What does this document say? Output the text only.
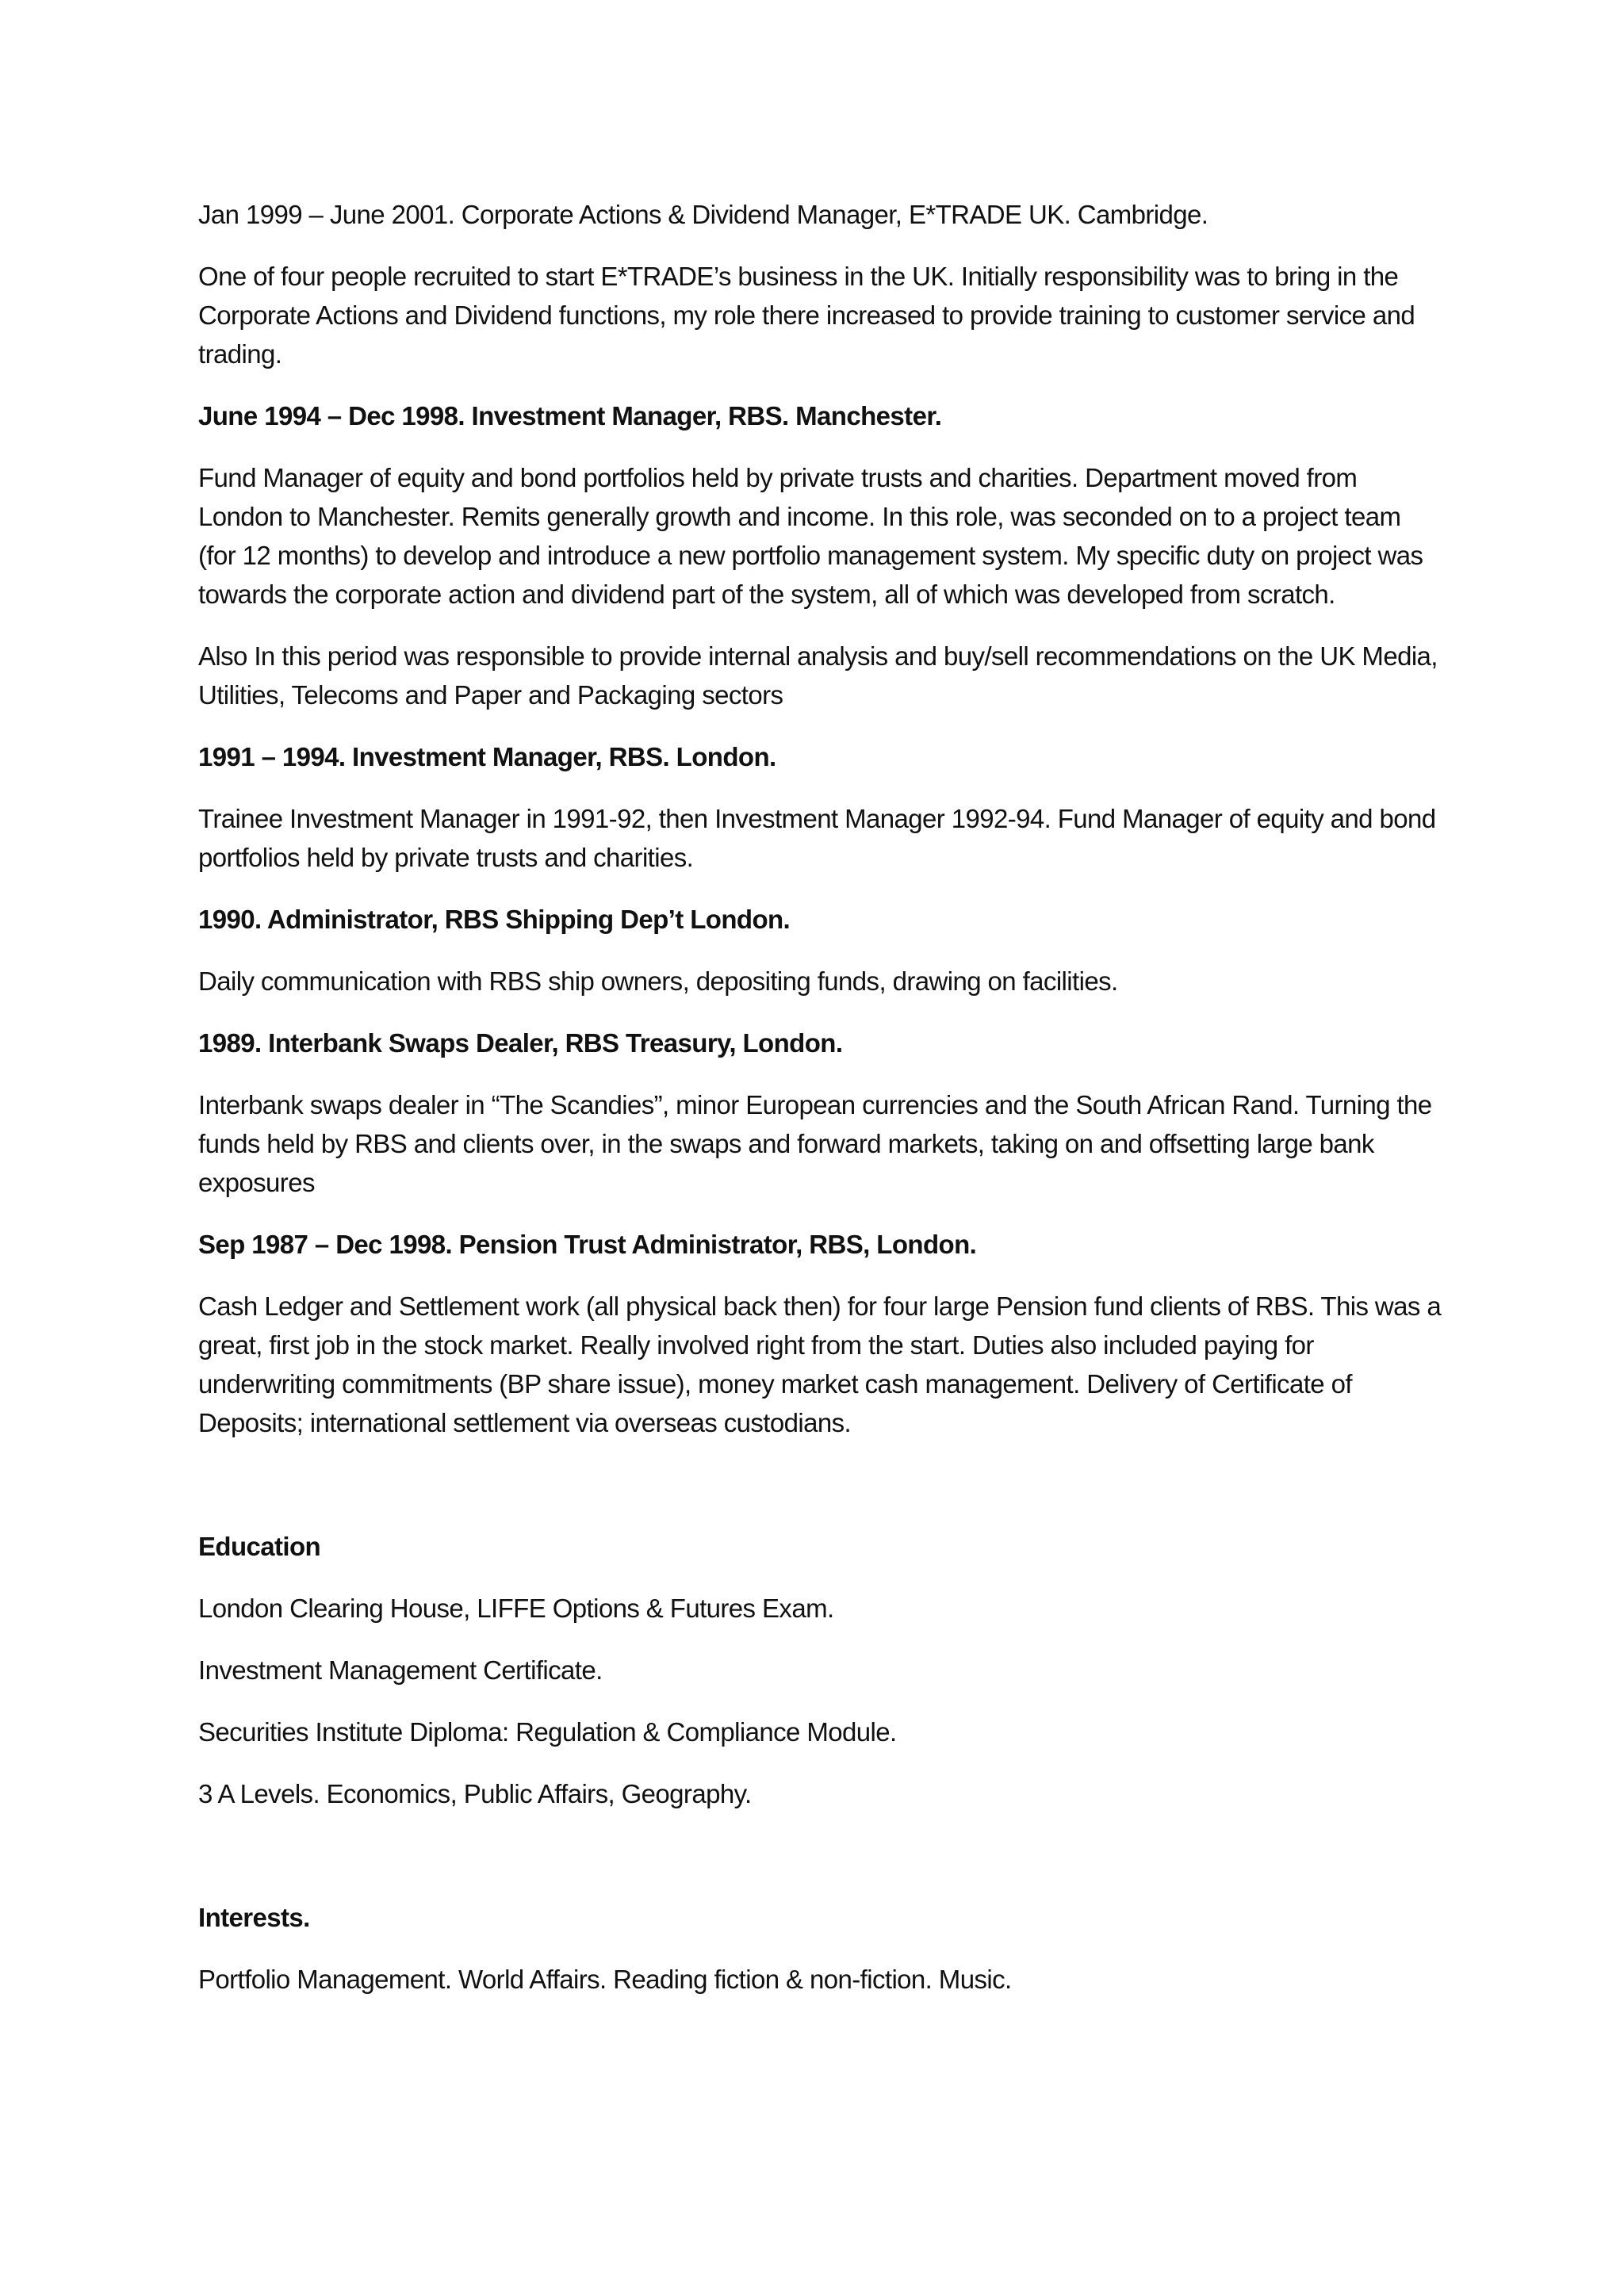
Jan 1999 – June 2001. Corporate Actions & Dividend Manager, E*TRADE UK. Cambridge.
One of four people recruited to start E*TRADE’s business in the UK. Initially responsibility was to bring in the Corporate Actions and Dividend functions, my role there increased to provide training to customer service and trading.
June 1994 – Dec 1998. Investment Manager, RBS. Manchester.
Fund Manager of equity and bond portfolios held by private trusts and charities. Department moved from London to Manchester. Remits generally growth and income. In this role, was seconded on to a project team (for 12 months) to develop and introduce a new portfolio management system. My specific duty on project was towards the corporate action and dividend part of the system, all of which was developed from scratch.
Also In this period was responsible to provide internal analysis and buy/sell recommendations on the UK Media, Utilities, Telecoms and Paper and Packaging sectors
1991 – 1994. Investment Manager, RBS. London.
Trainee Investment Manager in 1991-92, then Investment Manager 1992-94. Fund Manager of equity and bond portfolios held by private trusts and charities.
1990. Administrator, RBS Shipping Dep’t London.
Daily communication with RBS ship owners, depositing funds, drawing on facilities.
1989. Interbank Swaps Dealer, RBS Treasury, London.
Interbank swaps dealer in “The Scandies”, minor European currencies and the South African Rand. Turning the funds held by RBS and clients over, in the swaps and forward markets, taking on and offsetting large bank exposures
Sep 1987 – Dec 1998. Pension Trust Administrator, RBS, London.
Cash Ledger and Settlement work (all physical back then) for four large Pension fund clients of RBS. This was a great, first job in the stock market. Really involved right from the start. Duties also included paying for underwriting commitments (BP share issue), money market cash management. Delivery of Certificate of Deposits; international settlement via overseas custodians.
Education
London Clearing House, LIFFE Options & Futures Exam.
Investment Management Certificate.
Securities Institute Diploma: Regulation & Compliance Module.
3 A Levels. Economics, Public Affairs, Geography.
Interests.
Portfolio Management. World Affairs. Reading fiction & non-fiction. Music.
